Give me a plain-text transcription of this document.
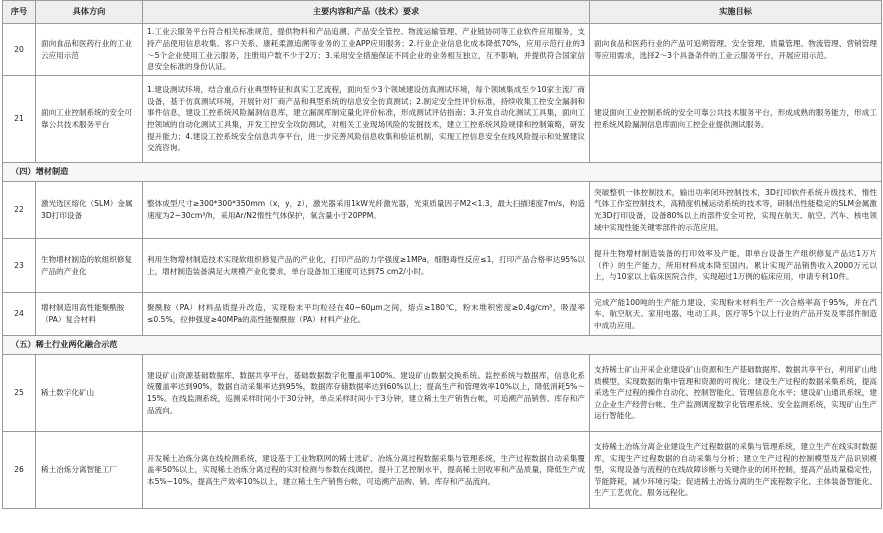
序号	具体方向	主要内容和产品（技术）要求	实施目标
20	面向食品和医药行业的工业云应用示范	1.工业云服务平台符合相关标准规范，提供物料和产品追溯、产品安全管控、物流运输管理、产业链协同等工业软件应用服务，支持产品使用信息收集、客户关系、康耗柔源追溯等业务的工业APP应用服务；2.行业企业信息化成本降低70%，应用示范行业的3～5个企业使用工业云服务，注册用户数不少于2万；3.采用安全措施保证不同企业的业务相互独立，互不影响，并提供符合国家信息安全标准的身份认证。	面向食品和医药行业的产品可追朔管理、安全管理、质量管理、物流管理、营销管理等应用需求，选择2～3个具备条件的工业云服务平台，开展应用示范。
21	面向工业控制系统的安全可靠公共技术服务平台	1.建设测试环境，结合重点行业典型特征和真实工艺流程，面向至少3个领域建设仿真测试环境，每个领域集成至少10家主流厂商设备，基于仿真测试环境，开展针对厂商产品和典型系统的信息安全仿真测试；2.制定安全性评价标准，持续收集工控安全漏洞和事件信息，建设工控系统风险漏洞信息库，建立漏洞库制定量化评价标准，形成测试评估指南；3.开发自动化测试工具集，面向工控领域的自动化测试工具集，开发工控安全攻防测试，对相关工业现场风险的发掘技术，建立工控系统风险规律和控制策略，研发提升能力；4.建设工控系统安全信息共享平台，进一步完善风险信息收集和验证机制，实现工控信息安全在线风险提示和处置建议交流咨询。	建设面向工业控制系统的安全可靠公共技术服务平台，形成成熟的服务能力，形成工控系统风险漏洞信息库面向工控企业提供测试服务。
（四）增材制造			
22	激光选区熔化（SLM）金属3D打印设备	整体成型尺寸≥300*300*350mm（x，y，z），激光器采用1kW光纤激光器，光束质量因子M2<1.3，最大扫描速度7m/s，构造速度为2~30cm³/h，采用Ar/N2惰性气体保护，氧含量小于20PPM。	突破整机一体控制技术，输出功率闭环控制技术，3D打印软件系统升级技术，惰性气体工作室控制技术，高精度机械运动系统的技术等，研制出性能稳定的SLM金属激光3D打印设备，设备80%以上的部件安全可控，实现在航天、航空、汽车、核电领域中实现性能关键零部件的示范应用。
23	生物增材制造的软组织修复产品的产业化	利用生物增材制造技术实现软组织修复产品的产业化，打印产品的力学强度≥1MPa，细胞毒性反应≤1，打印产品合格率达95%以上，增材制造装备满足大规模产业化要求，单台设备加工速度可达到75 cm2/小时。	提升生物增材制造装备的打印效率及产能，即单台设备生产组织修复产品达1万片（件）的生产能力，所用材料成本降至国内。累计实现产品销售收入2000万元以上，与10家以上临床医院合作，实现超过1万例的临床应用，申请专利10件。
24	增材制造用高性能聚酰胺（PA）复合材料	聚酰胺（PA）材料品质提升改造，实现粉末平均粒径在40~60μm之间，熔点≥180℃，粉末堆积密度≥0.4g/cm³，吸湿率≤0.5%，拉伸强度≥40MPa的高性能聚酰胺（PA）材料产业化。	完成产能100吨的生产能力建设，实现粉末材料生产一次合格率高于95%，并在汽车、航空航天、家用电器、电动工具、医疗等5个以上行业的产品开发及零部件制造中成功应用。
（五）稀土行业两化融合示范			
25	稀土数字化矿山	建设矿山资源基础数据库、数据共享平台，基础数据数字化覆盖率100%。建设矿山数据交换系统、监控系统与数据库，信息化系统覆盖率达到90%，数据自动采集率达到95%，数据库存储数据率达到60%以上；提高生产和管理效率10%以上，降低消耗5%～15%。在线监测系统，巡测采样时间小于30分钟，单点采样时间小于3分钟，建立稀土生产销售台帐，可追溯产品销售、库存和产品流向。	支持稀土矿山开采企业建设矿山资源和生产基础数据库、数据共享平台，利用矿山地质模型，实现数据的集中管理和资源的可视化；建设生产过程的数据采集系统，提高采选生产过程的操作自动化、控制智能化、管理信息化水平；建设矿山通讯系统，建立企业生产经营台帐、生产监测调度数字化管理系统、安全监测系统，实现矿山生产运行智能化。
26	稀土冶炼分离智能工厂	开发稀土冶炼分离在线检测系统，建设基于工业物联网的稀土选矿、冶炼分离过程数据采集与管理系统，生产过程数据自动采集覆盖率50%以上，实现稀土冶炼分离过程的实时检测与参数在线调控，提升工艺控制水平，提高稀土回收率和产品质量，降低生产成本5%~10%，提高生产效率10%以上，建立稀土生产销售台帐，可追溯产品购、销、库存和产品流向。	支持稀土冶炼分离企业建设生产过程数据的采集与管理系统，建立生产在线实时数据库，实现生产过程数据的自动采集与分析；建立生产过程的控制模型及产品识别模型，实现设备与流程的在线故障诊断与关键作业的闭环控制，提高产品质量稳定性，节能降耗，减少环境污染；促进稀土冶炼分离的生产流程数字化、主体装备智能化、生产工艺优化、服务远程化。
